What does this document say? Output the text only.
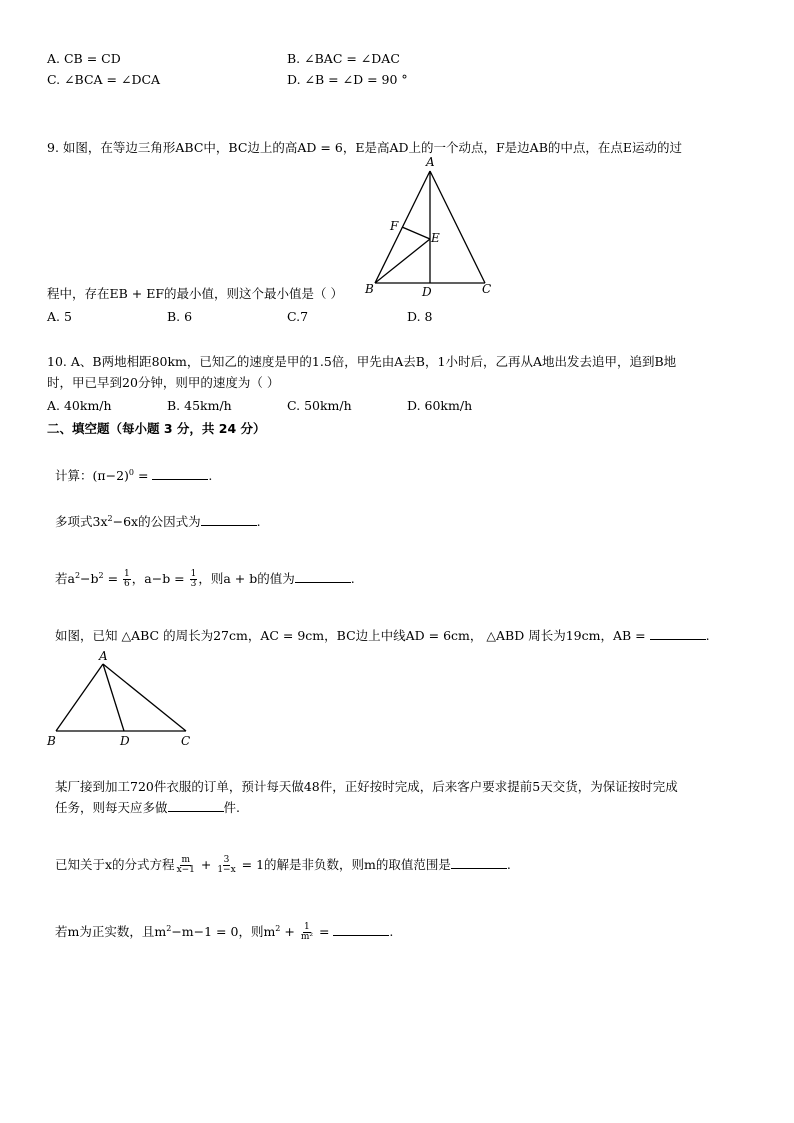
A. CB = CD	B. ∠BAC = ∠DAC
C. ∠BCA = ∠DCA	D. ∠B = ∠D = 90 °
9. 如图，在等边三角形ABC中，BC边上的高AD = 6，E是高AD上的一个动点，F是边AB的中点，在点E运动的过
A
B	C
D
E
F
程中，存在EB + EF的最小值，则这个最小值是（ ）
A. 5	B. 6	C.7	D. 8
10. A、B两地相距80km，已知乙的速度是甲的1.5倍，甲先由A去B，1小时后，乙再从A地出发去追甲，追到B地
时，甲已早到20分钟，则甲的速度为（ ）
A. 40km/h	B. 45km/h	C. 50km/h	D. 60km/h
二、填空题（每小题 3 分，共 24 分）
计算：$(\pi-2)^0$ =	.
多项式$3x^2-6x$的公因式为	.
若$a^2-b^2 = \frac{1}{6}$ ，$a-b = \frac{1}{3}$ ，则a + b的值为	.
如图，已知 △ABC 的周长为27cm，AC = 9cm，BC边上中线AD = 6cm， △ABD 周长为19cm，AB =	.
A
B	D	C
某厂接到加工720件衣服的订单，预计每天做48件，正好按时完成，后来客户要求提前5天交货，为保证按时完成
任务，则每天应多做	件.
已知关于x的分式方程 $\frac{m}{x-1} + \frac{3}{1-x} = 1$的解是非负数，则m的取值范围是	.
若m为正实数，且$m^2-m-1 = 0$，则$m^2 + \frac{1}{\text{m²}}$ =	.
